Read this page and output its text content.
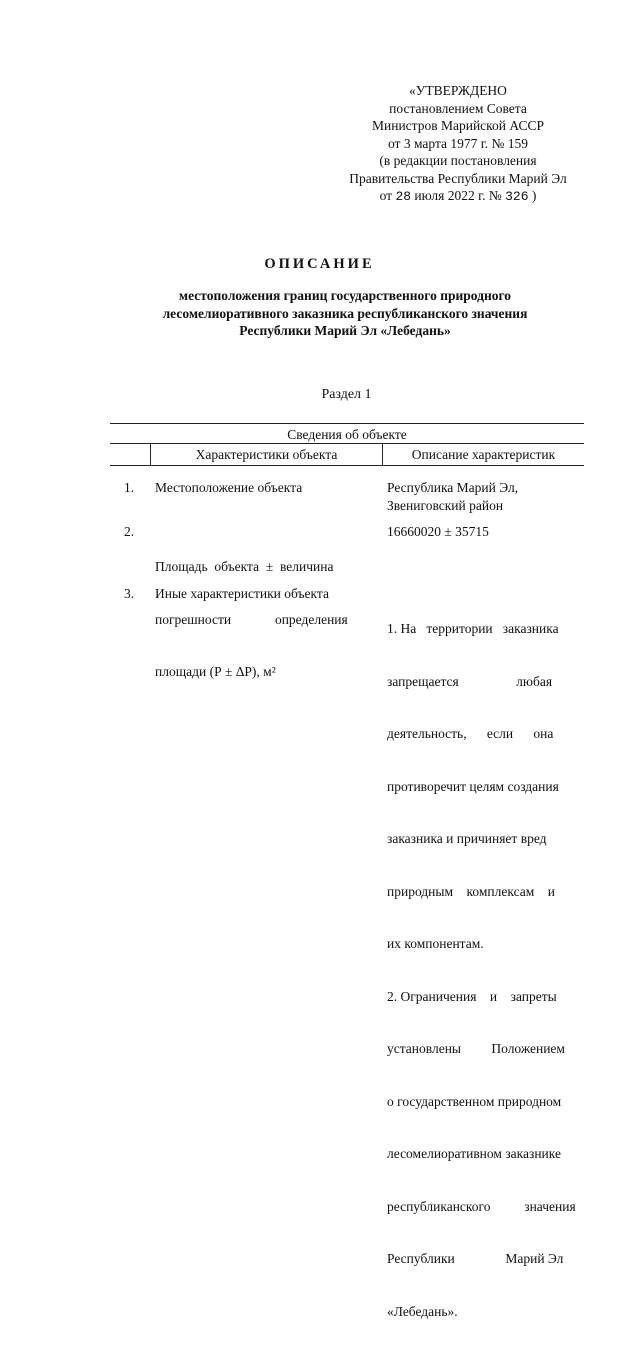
«УТВЕРЖДЕНО
постановлением Совета
Министров Марийской АССР
от 3 марта 1977 г. № 159
(в редакции постановления
Правительства Республики Марий Эл
от 28 июля 2022 г. № 326 )
ОПИСАНИЕ
местоположения границ государственного природного
лесомелиоративного заказника республиканского значения
Республики Марий Эл «Лебедань»
Раздел 1
Сведения об объекте
Характеристики объекта	Описание характеристик
1. Местоположение объекта	Республика Марий Эл,
Звениговский район
2.

Площадь  объекта  ±  величина

погрешности             определения

площади (Р ± ΔР), м²

16660020 ± 35715
3. Иные характеристики объекта

1. На   территории   заказника

запрещается                 любая

деятельность,      если      она

противоречит целям создания

заказника и причиняет вред

природным    комплексам    и

их компонентам.

2. Ограничения    и    запреты

установлены         Положением

о государственном природном

лесомелиоративном заказнике

республиканского          значения

Республики               Марий Эл

«Лебедань».
